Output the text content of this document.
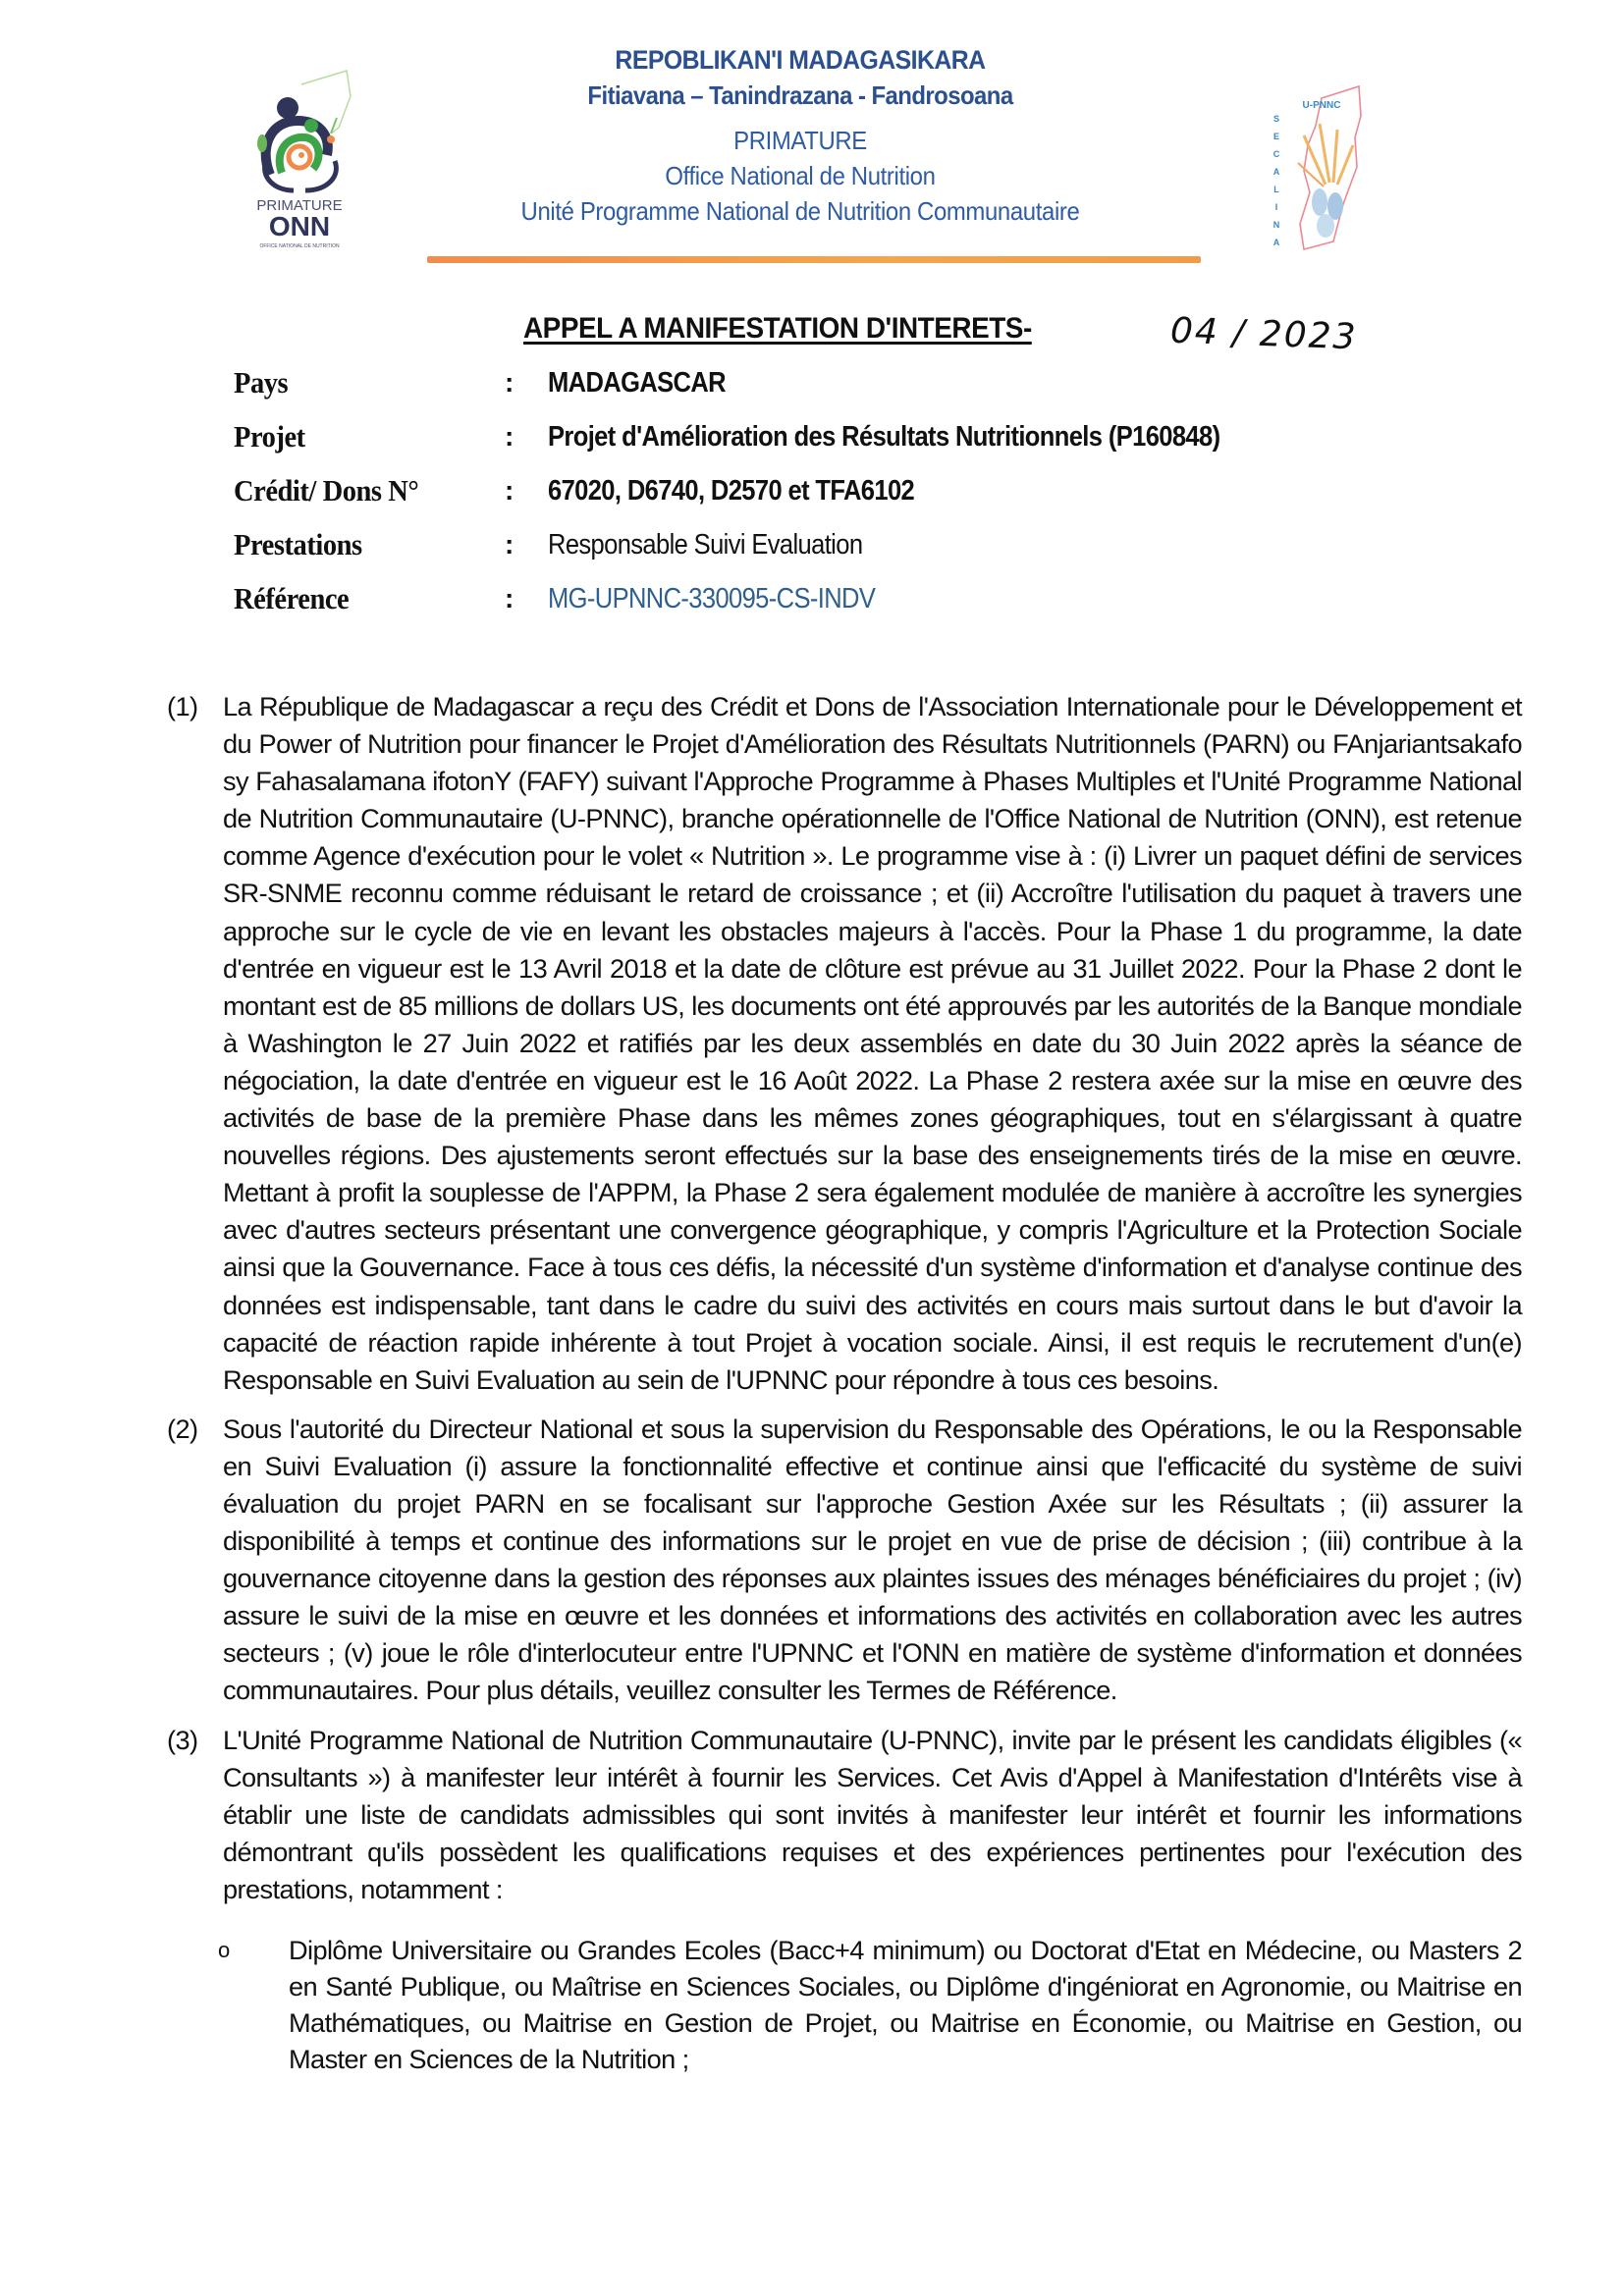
PRIMATURE
ONN
OFFICE NATIONAL DE NUTRITION
REPOBLIKAN'I MADAGASIKARA
Fitiavana – Tanindrazana - Fandrosoana
PRIMATURE
Office National de Nutrition
Unité Programme National de Nutrition Communautaire
U-PNNC
S
E
C
A
L
I
N
A
APPEL A MANIFESTATION D'INTERETS-	04 / 2023
Pays	: MADAGASCAR
Projet	: Projet d'Amélioration des Résultats Nutritionnels (P160848)
Crédit/ Dons N°	: 67020, D6740, D2570 et TFA6102
Prestations	: Responsable Suivi Evaluation
Référence	: MG-UPNNC-330095-CS-INDV
(1) La République de Madagascar a reçu des Crédit et Dons de l'Association Internationale pour le Développement et du Power of Nutrition pour financer le Projet d'Amélioration des Résultats Nutritionnels (PARN) ou FAnjariantsakafo sy Fahasalamana ifotonY (FAFY) suivant l'Approche Programme à Phases Multiples et l'Unité Programme National de Nutrition Communautaire (U-PNNC), branche opérationnelle de l'Office National de Nutrition (ONN), est retenue comme Agence d'exécution pour le volet « Nutrition ». Le programme vise à : (i) Livrer un paquet défini de services SR-SNME reconnu comme réduisant le retard de croissance ; et (ii) Accroître l'utilisation du paquet à travers une approche sur le cycle de vie en levant les obstacles majeurs à l'accès. Pour la Phase 1 du programme, la date d'entrée en vigueur est le 13 Avril 2018 et la date de clôture est prévue au 31 Juillet 2022. Pour la Phase 2 dont le montant est de 85 millions de dollars US, les documents ont été approuvés par les autorités de la Banque mondiale à Washington le 27 Juin 2022 et ratifiés par les deux assemblés en date du 30 Juin 2022 après la séance de négociation, la date d'entrée en vigueur est le 16 Août 2022. La Phase 2 restera axée sur la mise en œuvre des activités de base de la première Phase dans les mêmes zones géographiques, tout en s'élargissant à quatre nouvelles régions. Des ajustements seront effectués sur la base des enseignements tirés de la mise en œuvre. Mettant à profit la souplesse de l'APPM, la Phase 2 sera également modulée de manière à accroître les synergies avec d'autres secteurs présentant une convergence géographique, y compris l'Agriculture et la Protection Sociale ainsi que la Gouvernance. Face à tous ces défis, la nécessité d'un système d'information et d'analyse continue des données est indispensable, tant dans le cadre du suivi des activités en cours mais surtout dans le but d'avoir la capacité de réaction rapide inhérente à tout Projet à vocation sociale. Ainsi, il est requis le recrutement d'un(e) Responsable en Suivi Evaluation au sein de l'UPNNC pour répondre à tous ces besoins.
(2) Sous l'autorité du Directeur National et sous la supervision du Responsable des Opérations, le ou la Responsable en Suivi Evaluation (i) assure la fonctionnalité effective et continue ainsi que l'efficacité du système de suivi évaluation du projet PARN en se focalisant sur l'approche Gestion Axée sur les Résultats ; (ii) assurer la disponibilité à temps et continue des informations sur le projet en vue de prise de décision ; (iii) contribue à la gouvernance citoyenne dans la gestion des réponses aux plaintes issues des ménages bénéficiaires du projet ; (iv) assure le suivi de la mise en œuvre et les données et informations des activités en collaboration avec les autres secteurs ; (v) joue le rôle d'interlocuteur entre l'UPNNC et l'ONN en matière de système d'information et données communautaires. Pour plus détails, veuillez consulter les Termes de Référence.
(3) L'Unité Programme National de Nutrition Communautaire (U-PNNC), invite par le présent les candidats éligibles (« Consultants ») à manifester leur intérêt à fournir les Services. Cet Avis d'Appel à Manifestation d'Intérêts vise à établir une liste de candidats admissibles qui sont invités à manifester leur intérêt et fournir les informations démontrant qu'ils possèdent les qualifications requises et des expériences pertinentes pour l'exécution des prestations, notamment :
o Diplôme Universitaire ou Grandes Ecoles (Bacc+4 minimum) ou Doctorat d'Etat en Médecine, ou Masters 2 en Santé Publique, ou Maîtrise en Sciences Sociales, ou Diplôme d'ingéniorat en Agronomie, ou Maitrise en Mathématiques, ou Maitrise en Gestion de Projet, ou Maitrise en Économie, ou Maitrise en Gestion, ou Master en Sciences de la Nutrition ;
